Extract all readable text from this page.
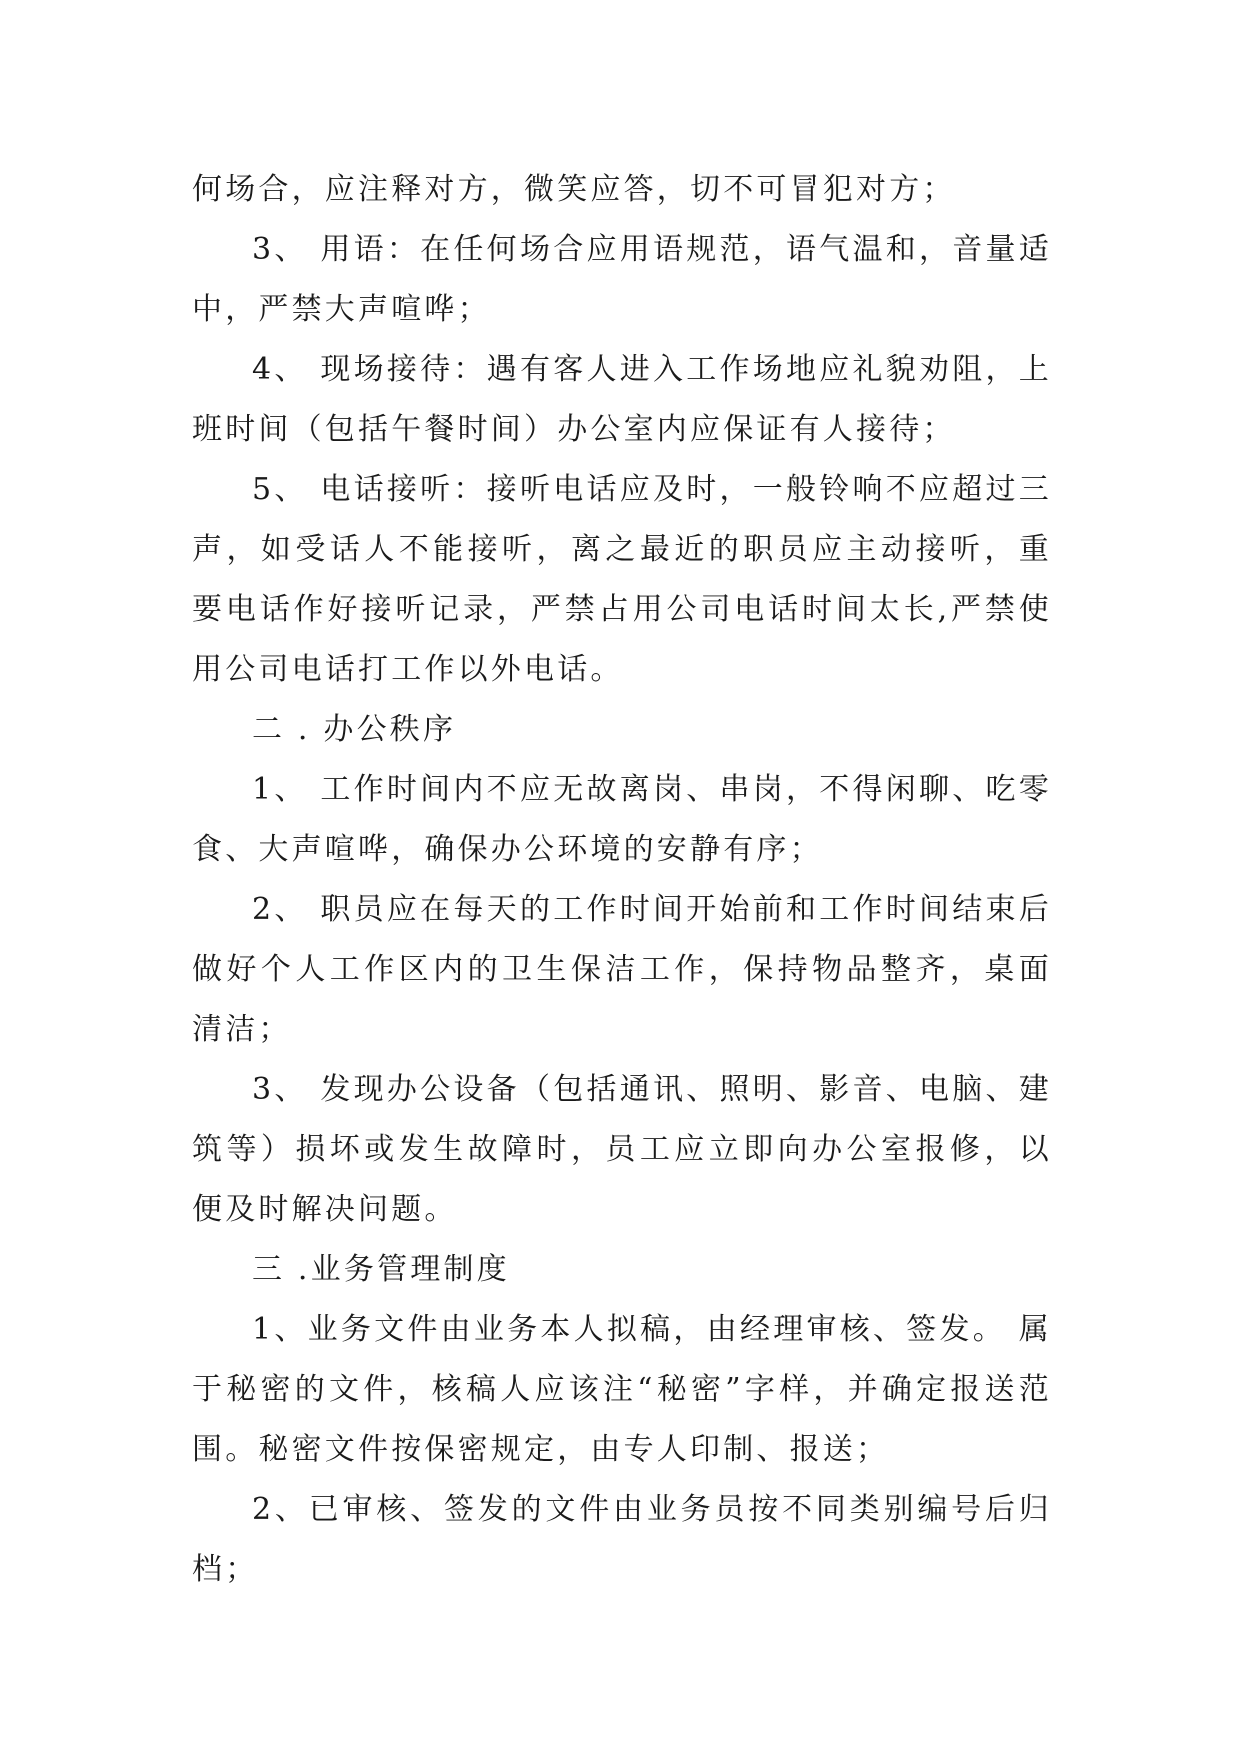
何场合，应注释对方，微笑应答，切不可冒犯对方；

3、 用语：在任何场合应用语规范，语气温和，音量适中，严禁大声喧哗；

4、 现场接待：遇有客人进入工作场地应礼貌劝阻，上班时间（包括午餐时间）办公室内应保证有人接待；

5、 电话接听：接听电话应及时，一般铃响不应超过三声，如受话人不能接听，离之最近的职员应主动接听，重要电话作好接听记录，严禁占用公司电话时间太长,严禁使用公司电话打工作以外电话。

二 . 办公秩序

1、 工作时间内不应无故离岗、串岗，不得闲聊、吃零食、大声喧哗，确保办公环境的安静有序；

2、 职员应在每天的工作时间开始前和工作时间结束后做好个人工作区内的卫生保洁工作，保持物品整齐，桌面清洁；

3、 发现办公设备（包括通讯、照明、影音、电脑、建筑等）损坏或发生故障时，员工应立即向办公室报修，以便及时解决问题。

三 .业务管理制度

1、业务文件由业务本人拟稿，由经理审核、签发。 属于秘密的文件，核稿人应该注“秘密”字样，并确定报送范围。秘密文件按保密规定，由专人印制、报送；

2、已审核、签发的文件由业务员按不同类别编号后归档；
